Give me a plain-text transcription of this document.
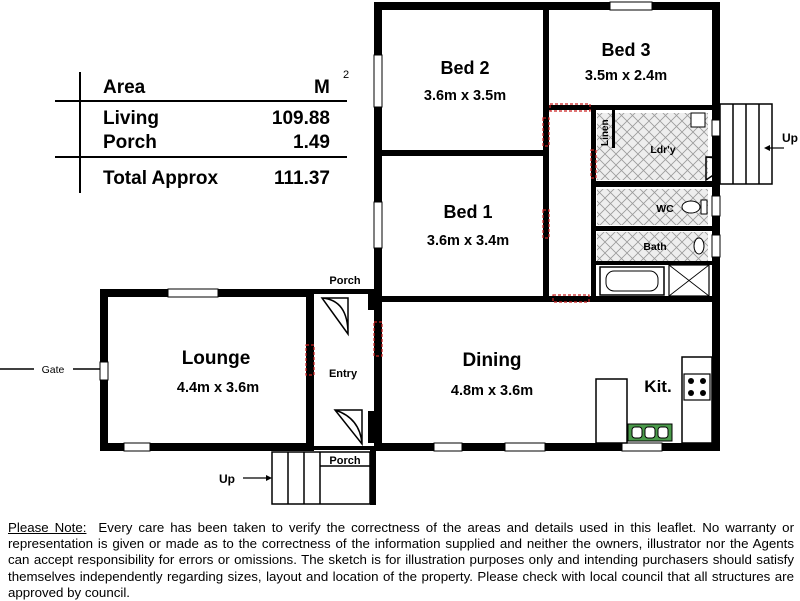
Area	M
2
Living	109.88
Porch	1.49
Total Approx	111.37
Bed 2
3.6m x 3.5m
Bed 3
3.5m x 2.4m
Bed 1
3.6m x 3.4m
Lounge
4.4m x 3.6m
Dining
4.8m x 3.6m	Kit.
Entry
Porch
Porch
Linen
Ldr'y
WC
Bath
Gate
Up
Up
Please Note: Every care has been taken to verify the correctness of the areas and details used in this leaflet. No warranty or representation is given or made as to the correctness of the information supplied and neither the owners, illustrator nor the Agents can accept responsibility for errors or omissions. The sketch is for illustration purposes only and intending purchasers should satisfy themselves independently regarding sizes, layout and location of the property. Please check with local council that all structures are approved by council.
